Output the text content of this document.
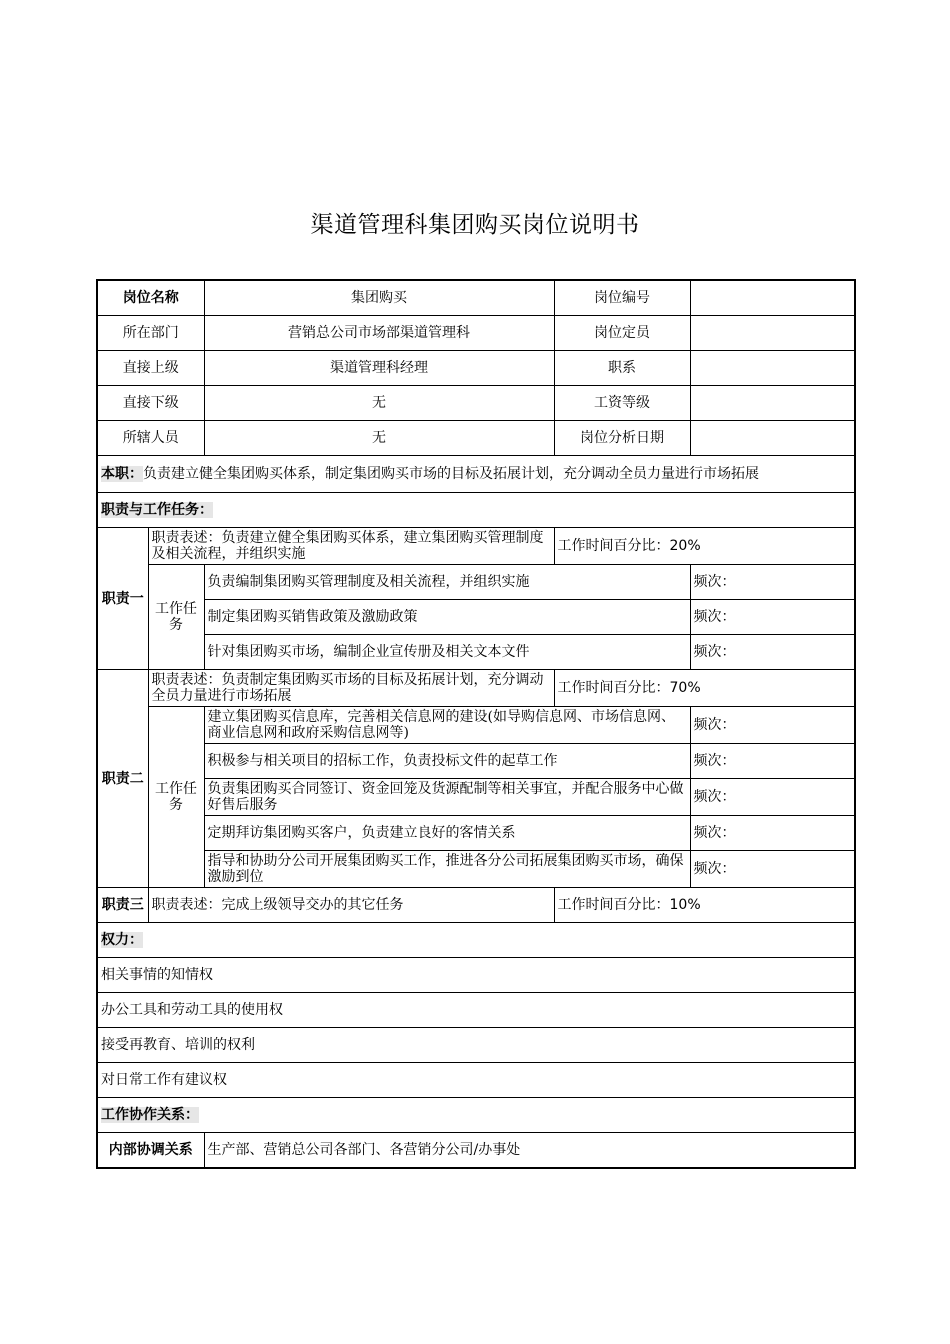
渠道管理科集团购买岗位说明书
岗位名称		集团购买	岗位编号	
所在部门		营销总公司市场部渠道管理科	岗位定员	
直接上级		渠道管理科经理	职系	
直接下级		无	工资等级	
所辖人员		无	岗位分析日期	
本职：负责建立健全集团购买体系，制定集团购买市场的目标及拓展计划，充分调动全员力量进行市场拓展				
职责与工作任务：				
职责一	职责表述：负责建立健全集团购买体系，建立集团购买管理制度及相关流程，并组织实施		工作时间百分比：20%	
	工作任务	负责编制集团购买管理制度及相关流程，并组织实施		频次：
		制定集团购买销售政策及激励政策		频次：
		针对集团购买市场，编制企业宣传册及相关文本文件		频次：
职责二	职责表述：负责制定集团购买市场的目标及拓展计划，充分调动全员力量进行市场拓展		工作时间百分比：70%	
	工作任务	建立集团购买信息库，完善相关信息网的建设(如导购信息网、市场信息网、商业信息网和政府采购信息网等)		频次：
		积极参与相关项目的招标工作，负责投标文件的起草工作		频次：
		负责集团购买合同签订、资金回笼及货源配制等相关事宜，并配合服务中心做好售后服务		频次：
		定期拜访集团购买客户，负责建立良好的客情关系		频次：
		指导和协助分公司开展集团购买工作，推进各分公司拓展集团购买市场，确保激励到位		频次：
职责三	职责表述：完成上级领导交办的其它任务		工作时间百分比：10%	
权力：				
相关事情的知情权				
办公工具和劳动工具的使用权				
接受再教育、培训的权利				
对日常工作有建议权				
工作协作关系：				
内部协调关系		生产部、营销总公司各部门、各营销分公司/办事处		
